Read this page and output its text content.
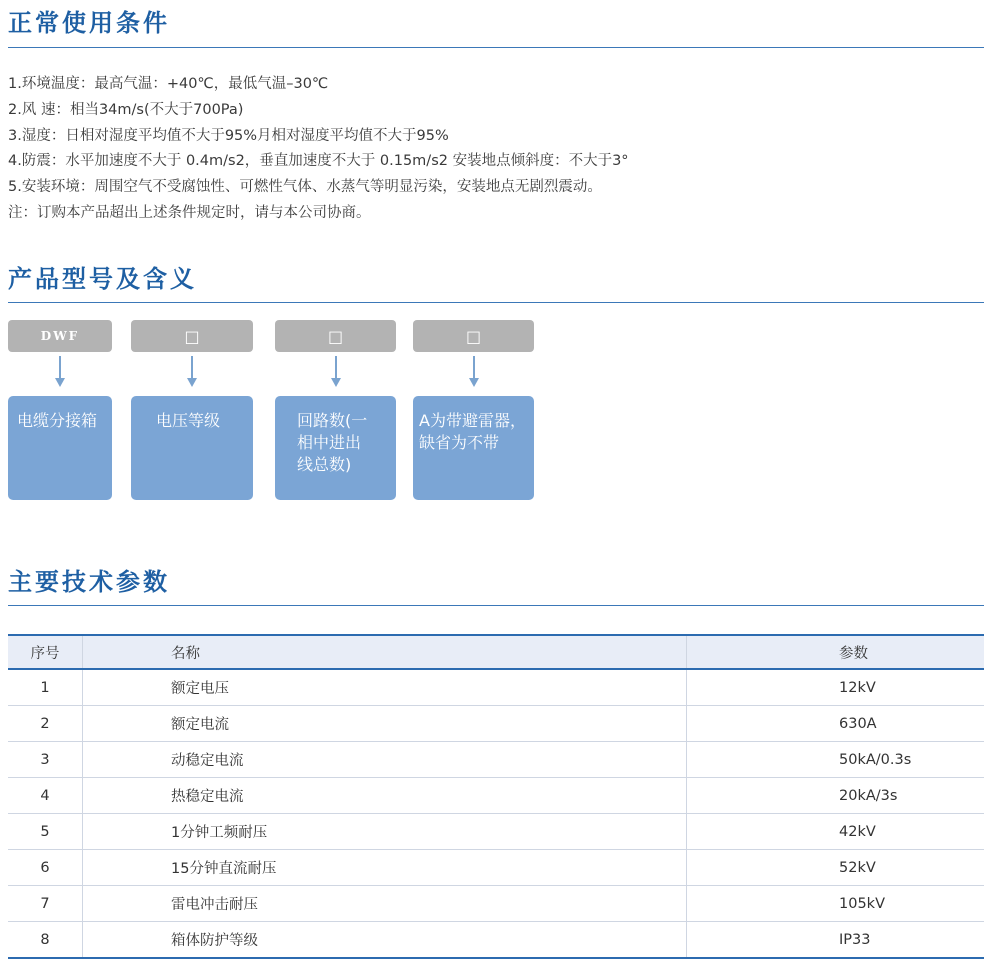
正常使用条件
1.环境温度：最高气温：+40℃，最低气温–30℃
2.风 速：相当34m/s(不大于700Pa)
3.湿度：日相对湿度平均值不大于95%月相对湿度平均值不大于95%
4.防震：水平加速度不大于 0.4m/s2，垂直加速度不大于 0.15m/s2 安装地点倾斜度：不大于3°
5.安装环境：周围空气不受腐蚀性、可燃性气体、水蒸气等明显污染，安装地点无剧烈震动。
注：订购本产品超出上述条件规定时，请与本公司协商。
产品型号及含义
DWF	□	□	□
电缆分接箱	电压等级	回路数(一
相中进出
线总数)
A为带避雷器，
缺省为不带
主要技术参数
序号	名称	参数
1	额定电压	12kV
2	额定电流	630A
3	动稳定电流	50kA/0.3s
4	热稳定电流	20kA/3s
5	1分钟工频耐压	42kV
6	15分钟直流耐压	52kV
7	雷电冲击耐压	105kV
8	箱体防护等级	IP33
